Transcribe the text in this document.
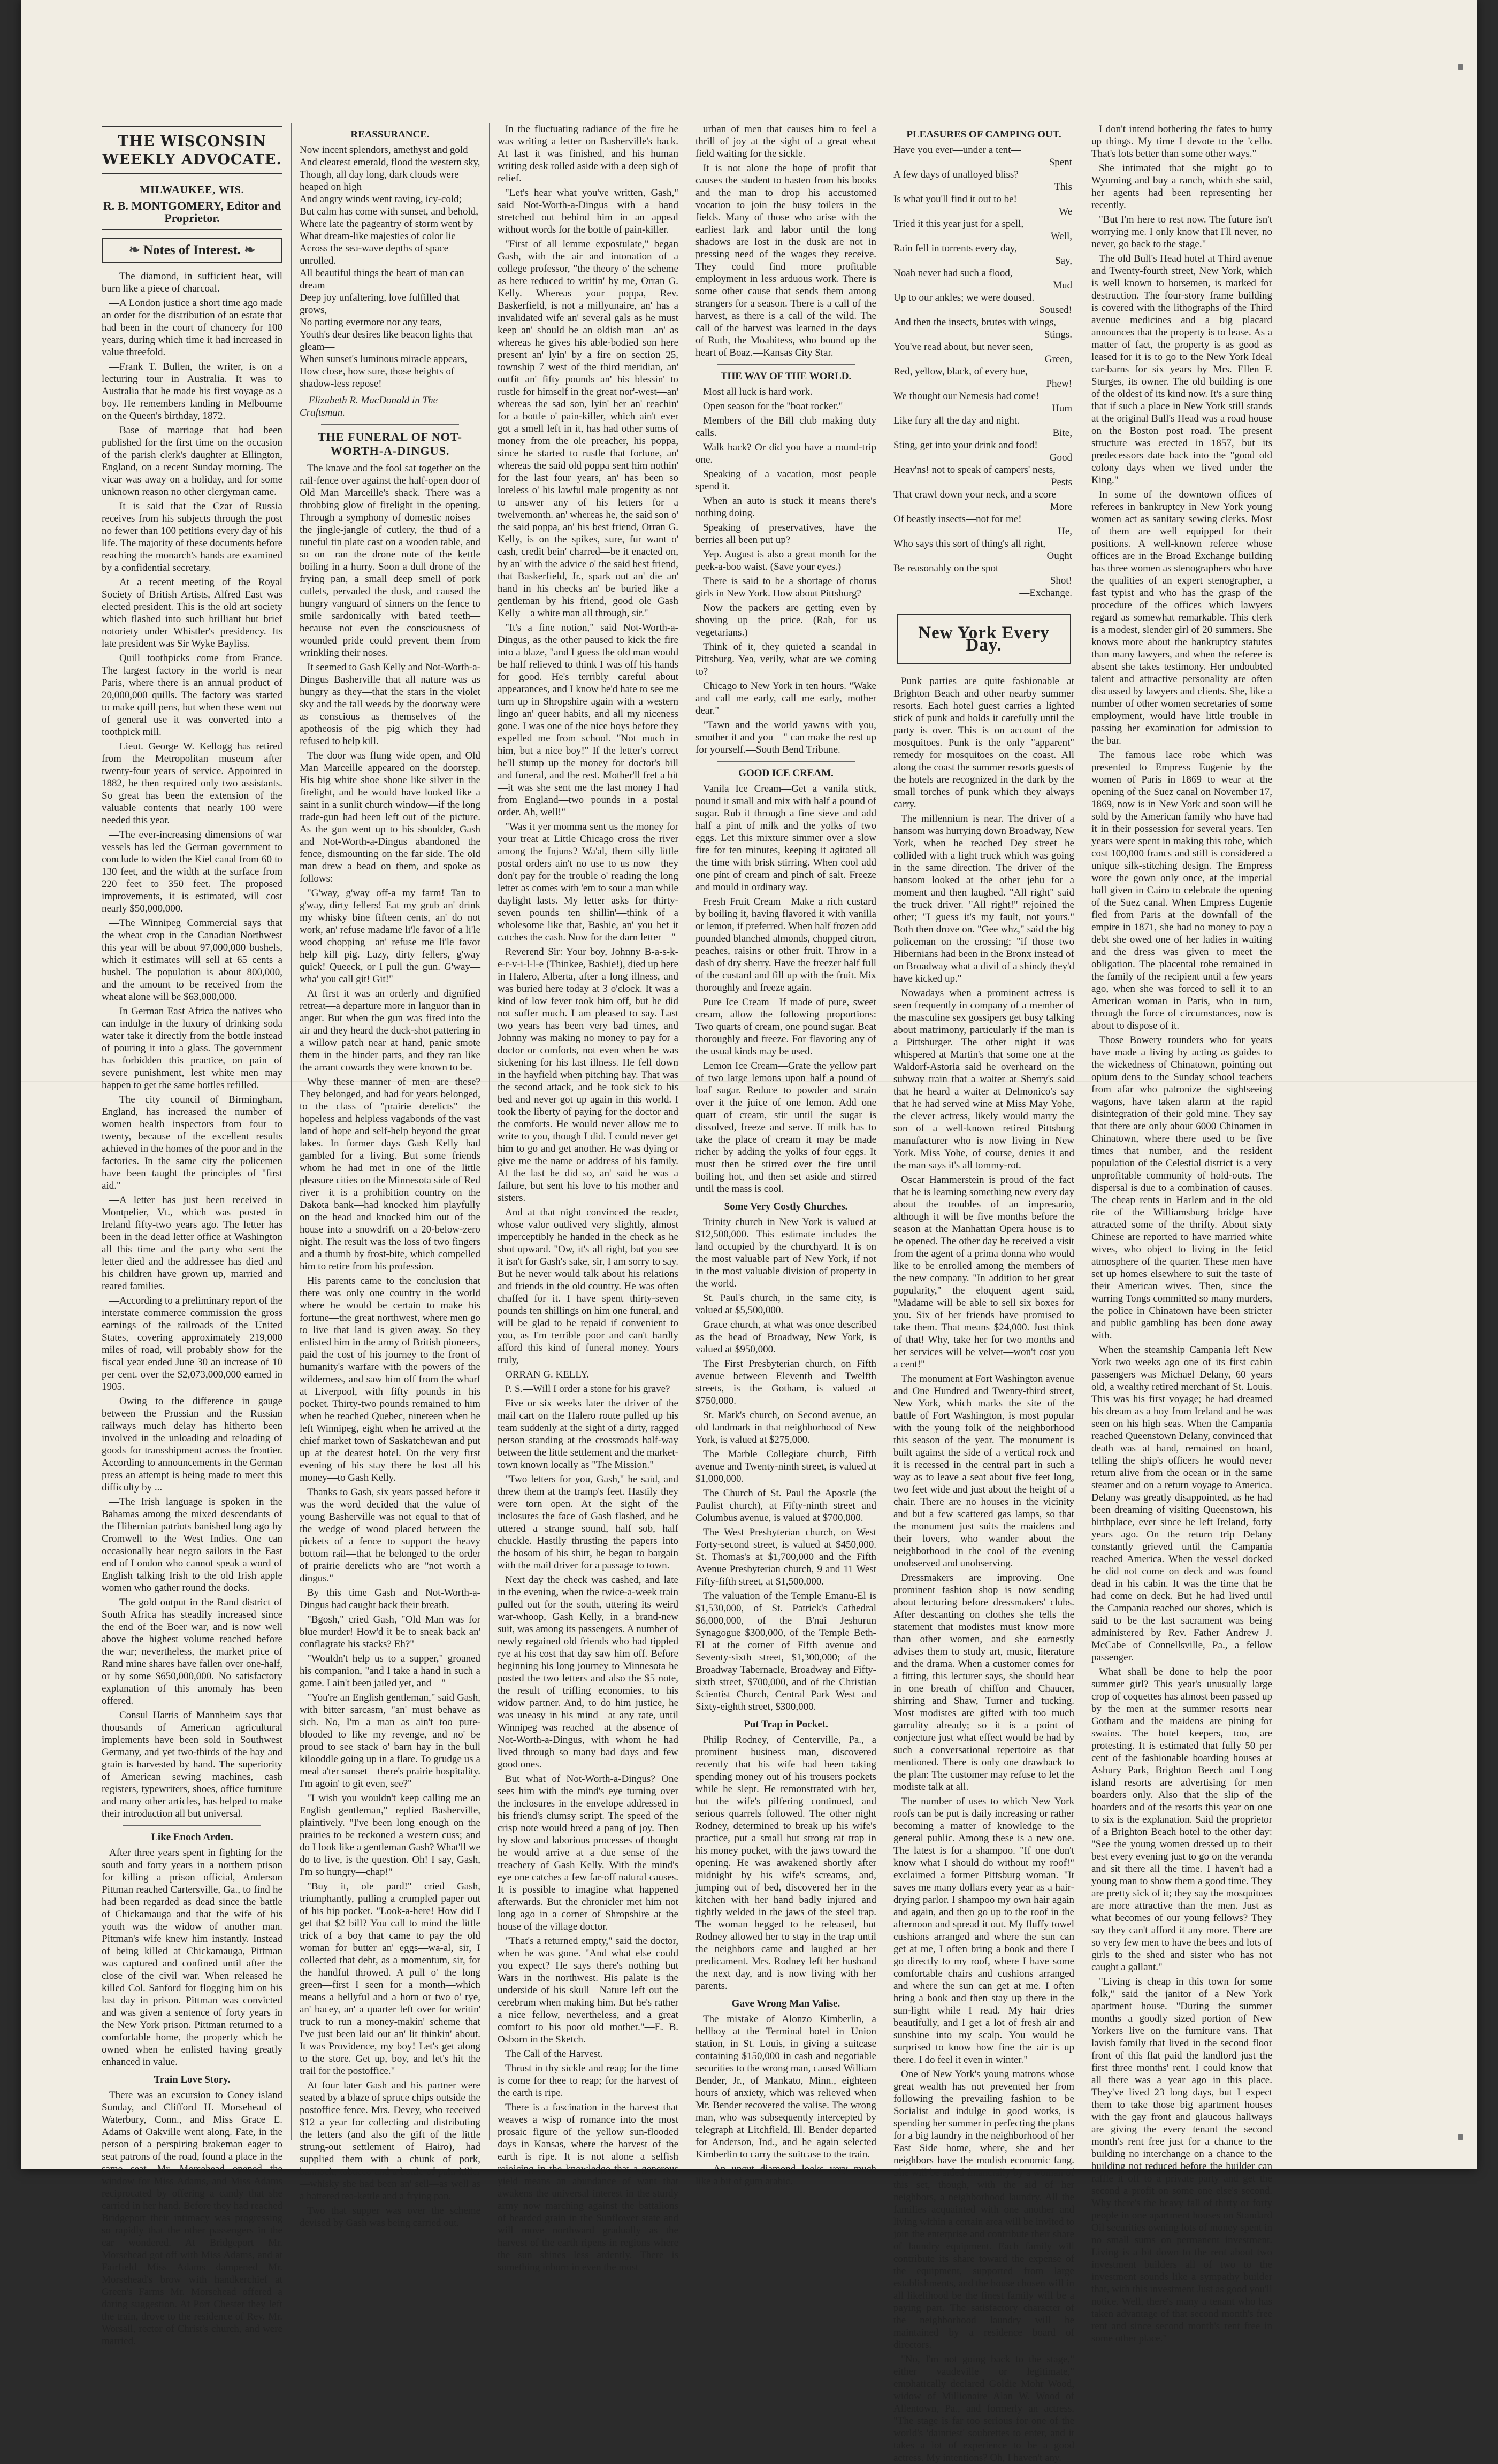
THE WISCONSIN WEEKLY ADVOCATE.
MILWAUKEE, WIS.
R. B. MONTGOMERY, Editor and Proprietor.
❧ Notes of Interest. ❧

—The diamond, in sufficient heat, will burn like a piece of charcoal.

—A London justice a short time ago made an order for the distribution of an estate that had been in the court of chancery for 100 years, during which time it had increased in value threefold.

—Frank T. Bullen, the writer, is on a lecturing tour in Australia. It was to Australia that he made his first voyage as a boy. He remembers landing in Melbourne on the Queen's birthday, 1872.

—Base of marriage that had been published for the first time on the occasion of the parish clerk's daughter at Ellington, England, on a recent Sunday morning. The vicar was away on a holiday, and for some unknown reason no other clergyman came.

—It is said that the Czar of Russia receives from his subjects through the post no fewer than 100 petitions every day of his life. The majority of these documents before reaching the monarch's hands are examined by a confidential secretary.

—At a recent meeting of the Royal Society of British Artists, Alfred East was elected president. This is the old art society which flashed into such brilliant but brief notoriety under Whistler's presidency. Its late president was Sir Wyke Bayliss.

—Quill toothpicks come from France. The largest factory in the world is near Paris, where there is an annual product of 20,000,000 quills. The factory was started to make quill pens, but when these went out of general use it was converted into a toothpick mill.

—Lieut. George W. Kellogg has retired from the Metropolitan museum after twenty-four years of service. Appointed in 1882, he then required only two assistants. So great has been the extension of the valuable contents that nearly 100 were needed this year.

—The ever-increasing dimensions of war vessels has led the German government to conclude to widen the Kiel canal from 60 to 130 feet, and the width at the surface from 220 feet to 350 feet. The proposed improvements, it is estimated, will cost nearly $50,000,000.

—The Winnipeg Commercial says that the wheat crop in the Canadian Northwest this year will be about 97,000,000 bushels, which it estimates will sell at 65 cents a bushel. The population is about 800,000, and the amount to be received from the wheat alone will be $63,000,000.

—In German East Africa the natives who can indulge in the luxury of drinking soda water take it directly from the bottle instead of pouring it into a glass. The government has forbidden this practice, on pain of severe punishment, lest white men may happen to get the same bottles refilled.

—The city council of Birmingham, England, has increased the number of women health inspectors from four to twenty, because of the excellent results achieved in the homes of the poor and in the factories. In the same city the policemen have been taught the principles of "first aid."

—A letter has just been received in Montpelier, Vt., which was posted in Ireland fifty-two years ago. The letter has been in the dead letter office at Washington all this time and the party who sent the letter died and the addressee has died and his children have grown up, married and reared families.

—According to a preliminary report of the interstate commerce commission the gross earnings of the railroads of the United States, covering approximately 219,000 miles of road, will probably show for the fiscal year ended June 30 an increase of 10 per cent. over the $2,073,000,000 earned in 1905.

—Owing to the difference in gauge between the Prussian and the Russian railways much delay has hitherto been involved in the unloading and reloading of goods for transshipment across the frontier. According to announcements in the German press an attempt is being made to meet this difficulty by ...

—The Irish language is spoken in the Bahamas among the mixed descendants of the Hibernian patriots banished long ago by Cromwell to the West Indies. One can occasionally hear negro sailors in the East end of London who cannot speak a word of English talking Irish to the old Irish apple women who gather round the docks.

—The gold output in the Rand district of South Africa has steadily increased since the end of the Boer war, and is now well above the highest volume reached before the war; nevertheless, the market price of Rand mine shares have fallen over one-half, or by some $650,000,000. No satisfactory explanation of this anomaly has been offered.

—Consul Harris of Mannheim says that thousands of American agricultural implements have been sold in Southwest Germany, and yet two-thirds of the hay and grain is harvested by hand. The superiority of American sewing machines, cash registers, typewriters, shoes, office furniture and many other articles, has helped to make their introduction all but universal.

Like Enoch Arden.

After three years spent in fighting for the south and forty years in a northern prison for killing a prison official, Anderson Pittman reached Cartersville, Ga., to find he had been regarded as dead since the battle of Chickamauga and that the wife of his youth was the widow of another man. Pittman's wife knew him instantly. Instead of being killed at Chickamauga, Pittman was captured and confined until after the close of the civil war. When released he killed Col. Sanford for flogging him on his last day in prison. Pittman was convicted and was given a sentence of forty years in the New York prison. Pittman returned to a comfortable home, the property which he owned when he enlisted having greatly enhanced in value.

Train Love Story.

There was an excursion to Coney island Sunday, and Clifford H. Morsehead of Waterbury, Conn., and Miss Grace E. Adams of Oakville went along. Fate, in the person of a perspiring brakeman eager to seat patrons of the road, found a place in the same seat. Mr. Morsehead opened the window for Miss Adams, and Miss Adams reciprocated by offering a candy that she carried in her hand. Before they had reached Bridgeport their intimacy was progressing so rapidly that the other passengers in the car wondered. At Bridgeport Mr. Morsehead got off with Miss Adams, and at Fairfield Miss Adams dampened Mr. Morsehead's brow with handkerchief at Green's Farms Mr. Morsehead offered a daring suggestion. At Port Chester they left the train, drove to the residence of Rev. Mr. Worsall, rector of Christ's church, and were married.

REASSURANCE.

Now incent splendors, amethyst and gold

And clearest emerald, flood the western sky,

Though, all day long, dark clouds were heaped on high

And angry winds went raving, icy-cold;

But calm has come with sunset, and behold,

Where late the pageantry of storm went by

What dream-like majesties of color lie

Across the sea-wave depths of space unrolled.

All beautiful things the heart of man can dream—

Deep joy unfaltering, love fulfilled that grows,

No parting evermore nor any tears,

Youth's dear desires like beacon lights that gleam—

When sunset's luminous miracle appears,

How close, how sure, those heights of shadow-less repose!

—Elizabeth R. MacDonald in The Craftsman.

THE FUNERAL OF NOT-WORTH-A-DINGUS.

The knave and the fool sat together on the rail-fence over against the half-open door of Old Man Marceille's shack. There was a throbbing glow of firelight in the opening. Through a symphony of domestic noises—the jingle-jangle of cutlery, the thud of a tuneful tin plate cast on a wooden table, and so on—ran the drone note of the kettle boiling in a hurry. Soon a dull drone of the frying pan, a small deep smell of pork cutlets, pervaded the dusk, and caused the hungry vanguard of sinners on the fence to smile sardonically with bated teeth—because not even the consciousness of wounded pride could prevent them from wrinkling their noses.

It seemed to Gash Kelly and Not-Worth-a-Dingus Basherville that all nature was as hungry as they—that the stars in the violet sky and the tall weeds by the doorway were as conscious as themselves of the apotheosis of the pig which they had refused to help kill.

The door was flung wide open, and Old Man Marceille appeared on the doorstep. His big white shoe shone like silver in the firelight, and he would have looked like a saint in a sunlit church window—if the long trade-gun had been left out of the picture. As the gun went up to his shoulder, Gash and Not-Worth-a-Dingus abandoned the fence, dismounting on the far side. The old man drew a bead on them, and spoke as follows:

"G'way, g'way off-a my farm! Tan to g'way, dirty fellers! Eat my grub an' drink my whisky bine fifteen cents, an' do not work, an' refuse madame li'le favor of a li'le wood chopping—an' refuse me li'le favor help kill pig. Lazy, dirty fellers, g'way quick! Queeck, or I pull the gun. G'way—wha' you call git! Git!"

At first it was an orderly and dignified retreat—a departure more in languor than in anger. But when the gun was fired into the air and they heard the duck-shot pattering in a willow patch near at hand, panic smote them in the hinder parts, and they ran like the arrant cowards they were known to be.

Why these manner of men are these? They belonged, and had for years belonged, to the class of "prairie derelicts"—the hopeless and helpless vagabonds of the vast land of hope and self-help beyond the great lakes. In former days Gash Kelly had gambled for a living. But some friends whom he had met in one of the little pleasure cities on the Minnesota side of Red river—it is a prohibition country on the Dakota bank—had knocked him playfully on the head and knocked him out of the house into a snowdrift on a 20-below-zero night. The result was the loss of two fingers and a thumb by frost-bite, which compelled him to retire from his profession.

His parents came to the conclusion that there was only one country in the world where he would be certain to make his fortune—the great northwest, where men go to live that land is given away. So they enlisted him in the army of British pioneers, paid the cost of his journey to the front of humanity's warfare with the powers of the wilderness, and saw him off from the wharf at Liverpool, with fifty pounds in his pocket. Thirty-two pounds remained to him when he reached Quebec, nineteen when he left Winnipeg, eight when he arrived at the chief market town of Saskatchewan and put up at the dearest hotel. On the very first evening of his stay there he lost all his money—to Gash Kelly.

Thanks to Gash, six years passed before it was the word decided that the value of young Basherville was not equal to that of the wedge of wood placed between the pickets of a fence to support the heavy bottom rail—that he belonged to the order of prairie derelicts who are "not worth a dingus."

By this time Gash and Not-Worth-a-Dingus had caught back their breath.

"Bgosh," cried Gash, "Old Man was for blue murder! How'd it be to sneak back an' conflagrate his stacks? Eh?"

"Wouldn't help us to a supper," groaned his companion, "and I take a hand in such a game. I ain't been jailed yet, and—"

"You're an English gentleman," said Gash, with bitter sarcasm, "an' must behave as sich. No, I'm a man as ain't too pure-blooded to like my revenge, and no' be proud to see stack o' barn hay in the bull kilooddle going up in a flare. To grudge us a meal a'ter sunset—there's prairie hospitality. I'm agoin' to git even, see?"

"I wish you wouldn't keep calling me an English gentleman," replied Basherville, plaintively. "I've been long enough on the prairies to be reckoned a western cuss; and do I look like a gentleman Gash? What'll we do to live, is the question. Oh! I say, Gash, I'm so hungry—chap!"

"Buy it, ole pard!" cried Gash, triumphantly, pulling a crumpled paper out of his hip pocket. "Look-a-here! How did I get that $2 bill? You call to mind the little trick of a boy that came to pay the old woman for butter an' eggs—wa-al, sir, I collected that debt, as a momentum, sir, for the handful throwed. A pull o' the long green—first I seen for a month—which means a bellyful and a horn or two o' rye, an' bacey, an' a quarter left over for writin' truck to run a money-makin' scheme that I've just been laid out an' lit thinkin' about. It was Providence, my boy! Let's get along to the store. Get up, boy, and let's hit the trail for the postoffice."

At four later Gash and his partner were seated by a blaze of spruce chips outside the postoffice fence. Mrs. Devey, who received $12 a year for collecting and distributing the letters (and also the gift of the little strung-out settlement of Hairo), had supplied them with a chunk of pork, bannock, tobacco and a bottle of pain-killer—whisky she had been an' sell—as well as a battered tea-kettle and a frying pan.

Two that supper was over the scheme devised by Gash was being carried out.

In the fluctuating radiance of the fire he was writing a letter on Basherville's back. At last it was finished, and his human writing desk rolled aside with a deep sigh of relief.

"Let's hear what you've written, Gash," said Not-Worth-a-Dingus with a hand stretched out behind him in an appeal without words for the bottle of pain-killer.

"First of all lemme expostulate," began Gash, with the air and intonation of a college professor, "the theory o' the scheme as here reduced to writin' by me, Orran G. Kelly. Whereas your poppa, Rev. Baskerfield, is not a millyunaire, an' has a invalidated wife an' several gals as he must keep an' should be an oldish man—an' as whereas he gives his able-bodied son here present an' lyin' by a fire on section 25, township 7 west of the third meridian, an' outfit an' fifty pounds an' his blessin' to rustle for himself in the great nor'-west—an' whereas the sad son, lyin' her an' reachin' for a bottle o' pain-killer, which ain't ever got a smell left in it, has had other sums of money from the ole preacher, his poppa, since he started to rustle that fortune, an' whereas the said old poppa sent him nothin' for the last four years, an' has been so loreless o' his lawful male progenity as not to answer any of his letters for a twelvemonth. an' whereas he, the said son o' the said poppa, an' his best friend, Orran G. Kelly, is on the spikes, sure, fur want o' cash, credit bein' charred—be it enacted on, by an' with the advice o' the said best friend, that Baskerfield, Jr., spark out an' die an' hand in his checks an' be buried like a gentleman by his friend, good ole Gash Kelly—a white man all through, sir."

"It's a fine notion," said Not-Worth-a-Dingus, as the other paused to kick the fire into a blaze, "and I guess the old man would be half relieved to think I was off his hands for good. He's terribly careful about appearances, and I know he'd hate to see me turn up in Shropshire again with a western lingo an' queer habits, and all my niceness gone. I was one of the nice boys before they expelled me from school. "Not much in him, but a nice boy!" If the letter's correct he'll stump up the money for doctor's bill and funeral, and the rest. Mother'll fret a bit—it was she sent me the last money I had from England—two pounds in a postal order. Ah, well!"

"Was it yer momma sent us the money for your treat at Little Chicago cross the river among the Injuns? Wa'al, them silly little postal orders ain't no use to us now—they don't pay for the trouble o' reading the long letter as comes with 'em to sour a man while daylight lasts. My letter asks for thirty-seven pounds ten shillin'—think of a wholesome like that, Bashie, an' you bet it catches the cash. Now for the darn letter—"

Reverend Sir: Your boy, Johnny B-a-s-k-e-r-v-i-l-l-e (Thinkee, Bashie!), died up here in Halero, Alberta, after a long illness, and was buried here today at 3 o'clock. It was a kind of low fever took him off, but he did not suffer much. I am pleased to say. Last two years has been very bad times, and Johnny was making no money to pay for a doctor or comforts, not even when he was sickening for his last illness. He fell down in the hayfield when pitching hay. That was the second attack, and he took sick to his bed and never got up again in this world. I took the liberty of paying for the doctor and the comforts. He would never allow me to write to you, though I did. I could never get him to go and get another. He was dying or give me the name or address of his family. At the last he did so, an' said he was a failure, but sent his love to his mother and sisters.

And at that night convinced the reader, whose valor outlived very slightly, almost imperceptibly he handed in the check as he shot upward. "Ow, it's all right, but you see it isn't for Gash's sake, sir, I am sorry to say. But he never would talk about his relations and friends in the old country. He was often chaffed for it. I have spent thirty-seven pounds ten shillings on him one funeral, and will be glad to be repaid if convenient to you, as I'm terrible poor and can't hardly afford this kind of funeral money. Yours truly,

ORRAN G. KELLY.

P. S.—Will I order a stone for his grave?

Five or six weeks later the driver of the mail cart on the Halero route pulled up his team suddenly at the sight of a dirty, ragged person standing at the crossroads half-way between the little settlement and the market-town known locally as "The Mission."

"Two letters for you, Gash," he said, and threw them at the tramp's feet. Hastily they were torn open. At the sight of the inclosures the face of Gash flashed, and he uttered a strange sound, half sob, half chuckle. Hastily thrusting the papers into the bosom of his shirt, he began to bargain with the mail driver for a passage to town.

Next day the check was cashed, and late in the evening, when the twice-a-week train pulled out for the south, uttering its weird war-whoop, Gash Kelly, in a brand-new suit, was among its passengers. A number of newly regained old friends who had tippled rye at his cost that day saw him off. Before beginning his long journey to Minnesota he posted the two letters and also the $5 note, the result of trifling economies, to his widow partner. And, to do him justice, he was uneasy in his mind—at any rate, until Winnipeg was reached—at the absence of Not-Worth-a-Dingus, with whom he had lived through so many bad days and few good ones.

But what of Not-Worth-a-Dingus? One sees him with the mind's eye turning over the inclosures in the envelope addressed in his friend's clumsy script. The speed of the crisp note would breed a pang of joy. Then by slow and laborious processes of thought he would arrive at a due sense of the treachery of Gash Kelly. With the mind's eye one catches a few far-off natural causes. It is possible to imagine what happened afterwards. But the chronicler met him not long ago in a corner of Shropshire at the house of the village doctor.

"That's a returned empty," said the doctor, when he was gone. "And what else could you expect? He says there's nothing but Wars in the northwest. His palate is the underside of his skull—Nature left out the cerebrum when making him. But he's rather a nice fellow, nevertheless, and a great comfort to his poor old mother."—E. B. Osborn in the Sketch.

The Call of the Harvest.

Thrust in thy sickle and reap; for the time is come for thee to reap; for the harvest of the earth is ripe.

There is a fascination in the harvest that weaves a wisp of romance into the most prosaic figure of the yellow sun-flooded days in Kansas, where the harvest of the earth is ripe. It is not alone a selfish rejoicing in the knowledge that a generous yield means an abundance of want that awakens the universal interest in the sturdy army now marching against the battalions of bearded grain in the Sunflower state and will move northward gradually as the harvest of the earth ripens in regions where the sun shines less ardently. There is something inborn in even the most

urban of men that causes him to feel a thrill of joy at the sight of a great wheat field waiting for the sickle.

It is not alone the hope of profit that causes the student to hasten from his books and the man to drop his accustomed vocation to join the busy toilers in the fields. Many of those who arise with the earliest lark and labor until the long shadows are lost in the dusk are not in pressing need of the wages they receive. They could find more profitable employment in less arduous work. There is some other cause that sends them among strangers for a season. There is a call of the harvest, as there is a call of the wild. The call of the harvest was learned in the days of Ruth, the Moabitess, who bound up the heart of Boaz.—Kansas City Star.

THE WAY OF THE WORLD.

Most all luck is hard work.

Open season for the "boat rocker."

Members of the Bill club making duty calls.

Walk back? Or did you have a round-trip one.

Speaking of a vacation, most people spend it.

When an auto is stuck it means there's nothing doing.

Speaking of preservatives, have the berries all been put up?

Yep. August is also a great month for the peek-a-boo waist. (Save your eyes.)

There is said to be a shortage of chorus girls in New York. How about Pittsburg?

Now the packers are getting even by shoving up the price. (Rah, for us vegetarians.)

Think of it, they quieted a scandal in Pittsburg. Yea, verily, what are we coming to?

Chicago to New York in ten hours. "Wake and call me early, call me early, mother dear."

"Tawn and the world yawns with you, smother it and you—" can make the rest up for yourself.—South Bend Tribune.

GOOD ICE CREAM.

Vanila Ice Cream—Get a vanila stick, pound it small and mix with half a pound of sugar. Rub it through a fine sieve and add half a pint of milk and the yolks of two eggs. Let this mixture simmer over a slow fire for ten minutes, keeping it agitated all the time with brisk stirring. When cool add one pint of cream and pinch of salt. Freeze and mould in ordinary way.

Fresh Fruit Cream—Make a rich custard by boiling it, having flavored it with vanilla or lemon, if preferred. When half frozen add pounded blanched almonds, chopped citron, peaches, raisins or other fruit. Throw in a dash of dry sherry. Have the freezer half full of the custard and fill up with the fruit. Mix thoroughly and freeze again.

Pure Ice Cream—If made of pure, sweet cream, allow the following proportions: Two quarts of cream, one pound sugar. Beat thoroughly and freeze. For flavoring any of the usual kinds may be used.

Lemon Ice Cream—Grate the yellow part of two large lemons upon half a pound of loaf sugar. Reduce to powder and strain over it the juice of one lemon. Add one quart of cream, stir until the sugar is dissolved, freeze and serve. If milk has to take the place of cream it may be made richer by adding the yolks of four eggs. It must then be stirred over the fire until boiling hot, and then set aside and stirred until the mass is cool.

Some Very Costly Churches.

Trinity church in New York is valued at $12,500,000. This estimate includes the land occupied by the churchyard. It is on the most valuable part of New York, if not in the most valuable division of property in the world.

St. Paul's church, in the same city, is valued at $5,500,000.

Grace church, at what was once described as the head of Broadway, New York, is valued at $950,000.

The First Presbyterian church, on Fifth avenue between Eleventh and Twelfth streets, is the Gotham, is valued at $750,000.

St. Mark's church, on Second avenue, an old landmark in that neighborhood of New York, is valued at $275,000.

The Marble Collegiate church, Fifth avenue and Twenty-ninth street, is valued at $1,000,000.

The Church of St. Paul the Apostle (the Paulist church), at Fifty-ninth street and Columbus avenue, is valued at $700,000.

The West Presbyterian church, on West Forty-second street, is valued at $450,000. St. Thomas's at $1,700,000 and the Fifth Avenue Presbyterian church, 9 and 11 West Fifty-fifth street, at $1,500,000.

The valuation of the Temple Emanu-El is $1,530,000, of St. Patrick's Cathedral $6,000,000, of the B'nai Jeshurun Synagogue $300,000, of the Temple Beth-El at the corner of Fifth avenue and Seventy-sixth street, $1,300,000; of the Broadway Tabernacle, Broadway and Fifty-sixth street, $700,000, and of the Christian Scientist Church, Central Park West and Sixty-eighth street, $300,000.

Put Trap in Pocket.

Philip Rodney, of Centerville, Pa., a prominent business man, discovered recently that his wife had been taking spending money out of his trousers pockets while he slept. He remonstrated with her, but the wife's pilfering continued, and serious quarrels followed. The other night Rodney, determined to break up his wife's practice, put a small but strong rat trap in his money pocket, with the jaws toward the opening. He was awakened shortly after midnight by his wife's screams, and, jumping out of bed, discovered her in the kitchen with her hand badly injured and tightly welded in the jaws of the steel trap. The woman begged to be released, but Rodney allowed her to stay in the trap until the neighbors came and laughed at her predicament. Mrs. Rodney left her husband the next day, and is now living with her parents.

Gave Wrong Man Valise.

The mistake of Alonzo Kimberlin, a bellboy at the Terminal hotel in Union station, in St. Louis, in giving a suitcase containing $150,000 in cash and negotiable securities to the wrong man, caused William Bender, Jr., of Mankato, Minn., eighteen hours of anxiety, which was relieved when Mr. Bender recovered the valise. The wrong man, who was subsequently intercepted by telegraph at Litchfield, Ill. Bender departed for Anderson, Ind., and he again selected Kimberlin to carry the suitcase to the train.

—An uncut diamond looks very much like a bit of gum arabic.

PLEASURES OF CAMPING OUT.

Have you ever—under a tent—

Spent

A few days of unalloyed bliss?

This

Is what you'll find it out to be!

We

Tried it this year just for a spell,

Well,

Rain fell in torrents every day,

Say,

Noah never had such a flood,

Mud

Up to our ankles; we were doused.

Soused!

And then the insects, brutes with wings,

Stings.

You've read about, but never seen,

Green,

Red, yellow, black, of every hue,

Phew!

We thought our Nemesis had come!

Hum

Like fury all the day and night.

Bite,

Sting, get into your drink and food!

Good

Heav'ns! not to speak of campers' nests,

Pests

That crawl down your neck, and a score

More

Of beastly insects—not for me!

He,

Who says this sort of thing's all right,

Ought

Be reasonably on the spot

Shot!

—Exchange.

New York Every Day.

Punk parties are quite fashionable at Brighton Beach and other nearby summer resorts. Each hotel guest carries a lighted stick of punk and holds it carefully until the party is over. This is on account of the mosquitoes. Punk is the only "apparent" remedy for mosquitoes on the coast. All along the coast the summer resorts guests of the hotels are recognized in the dark by the small torches of punk which they always carry.

The millennium is near. The driver of a hansom was hurrying down Broadway, New York, when he reached Dey street he collided with a light truck which was going in the same direction. The driver of the hansom looked at the other jehu for a moment and then laughed. "All right" said the truck driver. "All right!" rejoined the other; "I guess it's my fault, not yours." Both then drove on. "Gee whz," said the big policeman on the crossing; "if those two Hibernians had been in the Bronx instead of on Broadway what a divil of a shindy they'd have kicked up."

Nowadays when a prominent actress is seen frequently in company of a member of the masculine sex gossipers get busy talking about matrimony, particularly if the man is a Pittsburger. The other night it was whispered at Martin's that some one at the Waldorf-Astoria said he overheard on the subway train that a waiter at Sherry's said that he heard a waiter at Delmonico's say that he had served wine at Miss May Yohe, the clever actress, likely would marry the son of a well-known retired Pittsburg manufacturer who is now living in New York. Miss Yohe, of course, denies it and the man says it's all tommy-rot.

Oscar Hammerstein is proud of the fact that he is learning something new every day about the troubles of an impresario, although it will be five months before the season at the Manhattan Opera house is to be opened. The other day he received a visit from the agent of a prima donna who would like to be enrolled among the members of the new company. "In addition to her great popularity," the eloquent agent said, "Madame will be able to sell six boxes for you. Six of her friends have promised to take them. That means $24,000. Just think of that! Why, take her for two months and her services will be velvet—won't cost you a cent!"

The monument at Fort Washington avenue and One Hundred and Twenty-third street, New York, which marks the site of the battle of Fort Washington, is most popular with the young folk of the neighborhood this season of the year. The monument is built against the side of a vertical rock and it is recessed in the central part in such a way as to leave a seat about five feet long, two feet wide and just about the height of a chair. There are no houses in the vicinity and but a few scattered gas lamps, so that the monument just suits the maidens and their lovers, who wander about the neighborhood in the cool of the evening unobserved and unobserving.

Dressmakers are improving. One prominent fashion shop is now sending about lecturing before dressmakers' clubs. After descanting on clothes she tells the statement that modistes must know more than other women, and she earnestly advises them to study art, music, literature and the drama. When a customer comes for a fitting, this lecturer says, she should hear in one breath of chiffon and Chaucer, shirring and Shaw, Turner and tucking. Most modistes are gifted with too much garrulity already; so it is a point of conjecture just what effect would be had by such a conversational repertoire as that mentioned. There is only one drawback to the plan: The customer may refuse to let the modiste talk at all.

The number of uses to which New York roofs can be put is daily increasing or rather becoming a matter of knowledge to the general public. Among these is a new one. The latest is for a shampoo. "If one don't know what I should do without my roof!" exclaimed a former Pittsburg woman. "It saves me many dollars every year as a hair-drying parlor. I shampoo my own hair again and again, and then go up to the roof in the afternoon and spread it out. My fluffy towel cushions arranged and where the sun can get at me, I often bring a book and there I go directly to my roof, where I have some comfortable chairs and cushions arranged and where the sun can get at me. I often bring a book and then stay up there in the sun-light while I read. My hair dries beautifully, and I get a lot of fresh air and sunshine into my scalp. You would be surprised to know how fine the air is up there. I do feel it even in winter."

One of New York's young matrons whose great wealth has not prevented her from following the prevailing fashion to be Socialist and indulge in good works, is spending her summer in perfecting the plans for a big laundry in the neighborhood of her East Side home, where, she and her neighbors have the modish economic fang. She will be aided financially by a woman of this set, though, with the aid of her neighbors, a neighborhood laundry. All the families acquainted with one another and living within a certain area will be invited to join the enterprise and contribute their share of laundry equipment. Each family will contribute its share toward the expense of the equipment, supported from large establishments, and the house chosen will in all likelihood be the finest family will be a paying part. The satisfactory character of the neighborhood laundry will be maintained by a residence board of directors.

"No, I'm not going back to the stage," either vaudeville or legitimate," emphatically declared Goldie Mohr Wood, widow of Millionaire Alan W. Wood of Allentown, Pa., and formerly an actress. "The stage is far too serious for one of the world's 'daintiest' soubrettes to enter, and it takes a lot of experience to be a good actress. My intentions? Oh, I haven't any.

I don't intend bothering the fates to hurry up things. My time I devote to the 'cello. That's lots better than some other ways."

She intimated that she might go to Wyoming and buy a ranch, which she said, her agents had been representing her recently.

"But I'm here to rest now. The future isn't worrying me. I only know that I'll never, no never, go back to the stage."

The old Bull's Head hotel at Third avenue and Twenty-fourth street, New York, which is well known to horsemen, is marked for destruction. The four-story frame building is covered with the lithographs of the Third avenue medicines and a big placard announces that the property is to lease. As a matter of fact, the property is as good as leased for it is to go to the New York Ideal car-barns for six years by Mrs. Ellen F. Sturges, its owner. The old building is one of the oldest of its kind now. It's a sure thing that if such a place in New York still stands at the original Bull's Head was a road house on the Boston post road. The present structure was erected in 1857, but its predecessors date back into the "good old colony days when we lived under the King."

In some of the downtown offices of referees in bankruptcy in New York young women act as sanitary sewing clerks. Most of them are well equipped for their positions. A well-known referee whose offices are in the Broad Exchange building has three women as stenographers who have the qualities of an expert stenographer, a fast typist and who has the grasp of the procedure of the offices which lawyers regard as somewhat remarkable. This clerk is a modest, slender girl of 20 summers. She knows more about the bankruptcy statutes than many lawyers, and when the referee is absent she takes testimony. Her undoubted talent and attractive personality are often discussed by lawyers and clients. She, like a number of other women secretaries of some employment, would have little trouble in passing her examination for admission to the bar.

The famous lace robe which was presented to Empress Eugenie by the women of Paris in 1869 to wear at the opening of the Suez canal on November 17, 1869, now is in New York and soon will be sold by the American family who have had it in their possession for several years. Ten years were spent in making this robe, which cost 100,000 francs and still is considered a unique silk-stitching design. The Empress wore the gown only once, at the imperial ball given in Cairo to celebrate the opening of the Suez canal. When Empress Eugenie fled from Paris at the downfall of the empire in 1871, she had no money to pay a debt she owed one of her ladies in waiting and the dress was given to meet the obligation. The placental robe remained in the family of the recipient until a few years ago, when she was forced to sell it to an American woman in Paris, who in turn, through the force of circumstances, now is about to dispose of it.

Those Bowery rounders who for years have made a living by acting as guides to the wickedness of Chinatown, pointing out opium dens to the Sunday school teachers from afar who patronize the sightseeing wagons, have taken alarm at the rapid disintegration of their gold mine. They say that there are only about 6000 Chinamen in Chinatown, where there used to be five times that number, and the resident population of the Celestial district is a very unprofitable community of hold-outs. The dispersal is due to a combination of causes. The cheap rents in Harlem and in the old rite of the Williamsburg bridge have attracted some of the thrifty. About sixty Chinese are reported to have married white wives, who object to living in the fetid atmosphere of the quarter. These men have set up homes elsewhere to suit the taste of their American wives. Then, since the warring Tongs committed so many murders, the police in Chinatown have been stricter and public gambling has been done away with.

When the steamship Campania left New York two weeks ago one of its first cabin passengers was Michael Delany, 60 years old, a wealthy retired merchant of St. Louis. This was his first voyage; he had dreamed his dream as a boy from Ireland and he was seen on his high seas. When the Campania reached Queenstown Delany, convinced that death was at hand, remained on board, telling the ship's officers he would never return alive from the ocean or in the same steamer and on a return voyage to America. Delany was greatly disappointed, as he had been dreaming of visiting Queenstown, his birthplace, ever since he left Ireland, forty years ago. On the return trip Delany constantly grieved until the Campania reached America. When the vessel docked he did not come on deck and was found dead in his cabin. It was the time that he had come on deck. But he had lived until the Campania reached our shores, which is said to be the last sacrament was being administered by Rev. Father Andrew J. McCabe of Connellsville, Pa., a fellow passenger.

What shall be done to help the poor summer girl? This year's unusually large crop of coquettes has almost been passed up by the men at the summer resorts near Gotham and the maidens are pining for swains. The hotel keepers, too, are protesting. It is estimated that fully 50 per cent of the fashionable boarding houses at Asbury Park, Brighton Beech and Long island resorts are advertising for men boarders only. Also that the slip of the boarders and of the resorts this year on one to six is the explanation. Said the proprietor of a Brighton Beach hotel to the other day: "See the young women dressed up to their best every evening just to go on the veranda and sit there all the time. I haven't had a young man to show them a good time. They are pretty sick of it; they say the mosquitoes are more attractive than the men. Just as what becomes of our young fellows? They say they can't afford it any more. There are so very few men to have the bees and lots of girls to the shed and sister who has not caught a gallant."

"Living is cheap in this town for some folk," said the janitor of a New York apartment house. "During the summer months a goodly sized portion of New Yorkers live on the furniture vans. That lavish family that lived in the second floor front of this flat paid the landlord just the first three months' rent. I could know that all there was a year ago in this place. They've lived 23 long days, but I expect them to take those big apartment houses with the gay front and glaucous hallways are giving the every tenant the second month's rent free just for a chance to the building no interchange on a chance to the building not reduced before the builder can raffle it off to a private party and get the second a profit on some one else's second. Why there's the heavy fall of thirty or forty people in one apartment houses on Standard Oil securities owning lots of money spent in no small sums on permanent investment. Living is a bit down to the rent about two investment builders all of two to the investment sounds like a sympathy builder that, with this investment Just as good you'll notice. Well, there's many a tenant who has taken advantage of that second month's free rent and since second month's rent free in some other place."
